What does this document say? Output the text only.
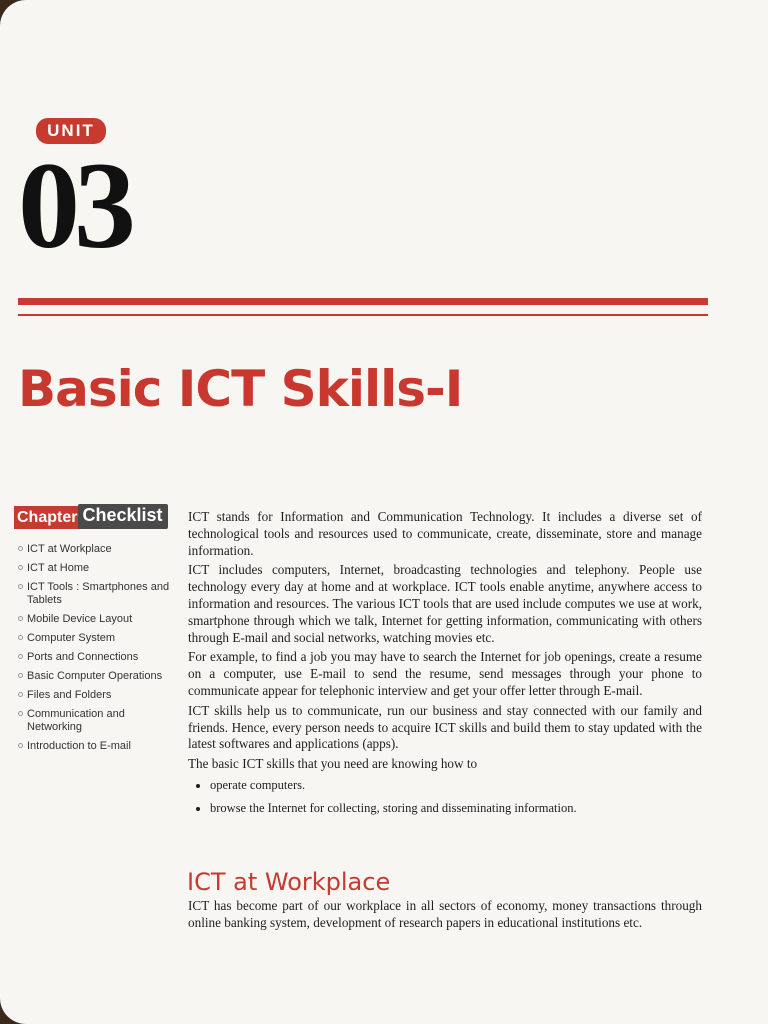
UNIT
03
Basic ICT Skills-I
Chapter Checklist
ICT at Workplace
ICT at Home
ICT Tools : Smartphones and Tablets
Mobile Device Layout
Computer System
Ports and Connections
Basic Computer Operations
Files and Folders
Communication and Networking
Introduction to E-mail

ICT stands for Information and Communication Technology. It includes a diverse set of technological tools and resources used to communicate, create, disseminate, store and manage information.

ICT includes computers, Internet, broadcasting technologies and telephony. People use technology every day at home and at workplace. ICT tools enable anytime, anywhere access to information and resources. The various ICT tools that are used include computes we use at work, smartphone through which we talk, Internet for getting information, communicating with others through E-mail and social networks, watching movies etc.

For example, to find a job you may have to search the Internet for job openings, create a resume on a computer, use E-mail to send the resume, send messages through your phone to communicate appear for telephonic interview and get your offer letter through E-mail.

ICT skills help us to communicate, run our business and stay connected with our family and friends. Hence, every person needs to acquire ICT skills and build them to stay updated with the latest softwares and applications (apps).

The basic ICT skills that you need are knowing how to

• operate computers.
• browse the Internet for collecting, storing and disseminating information.
ICT at Workplace

ICT has become part of our workplace in all sectors of economy, money transactions through online banking system, development of research papers in educational institutions etc.
